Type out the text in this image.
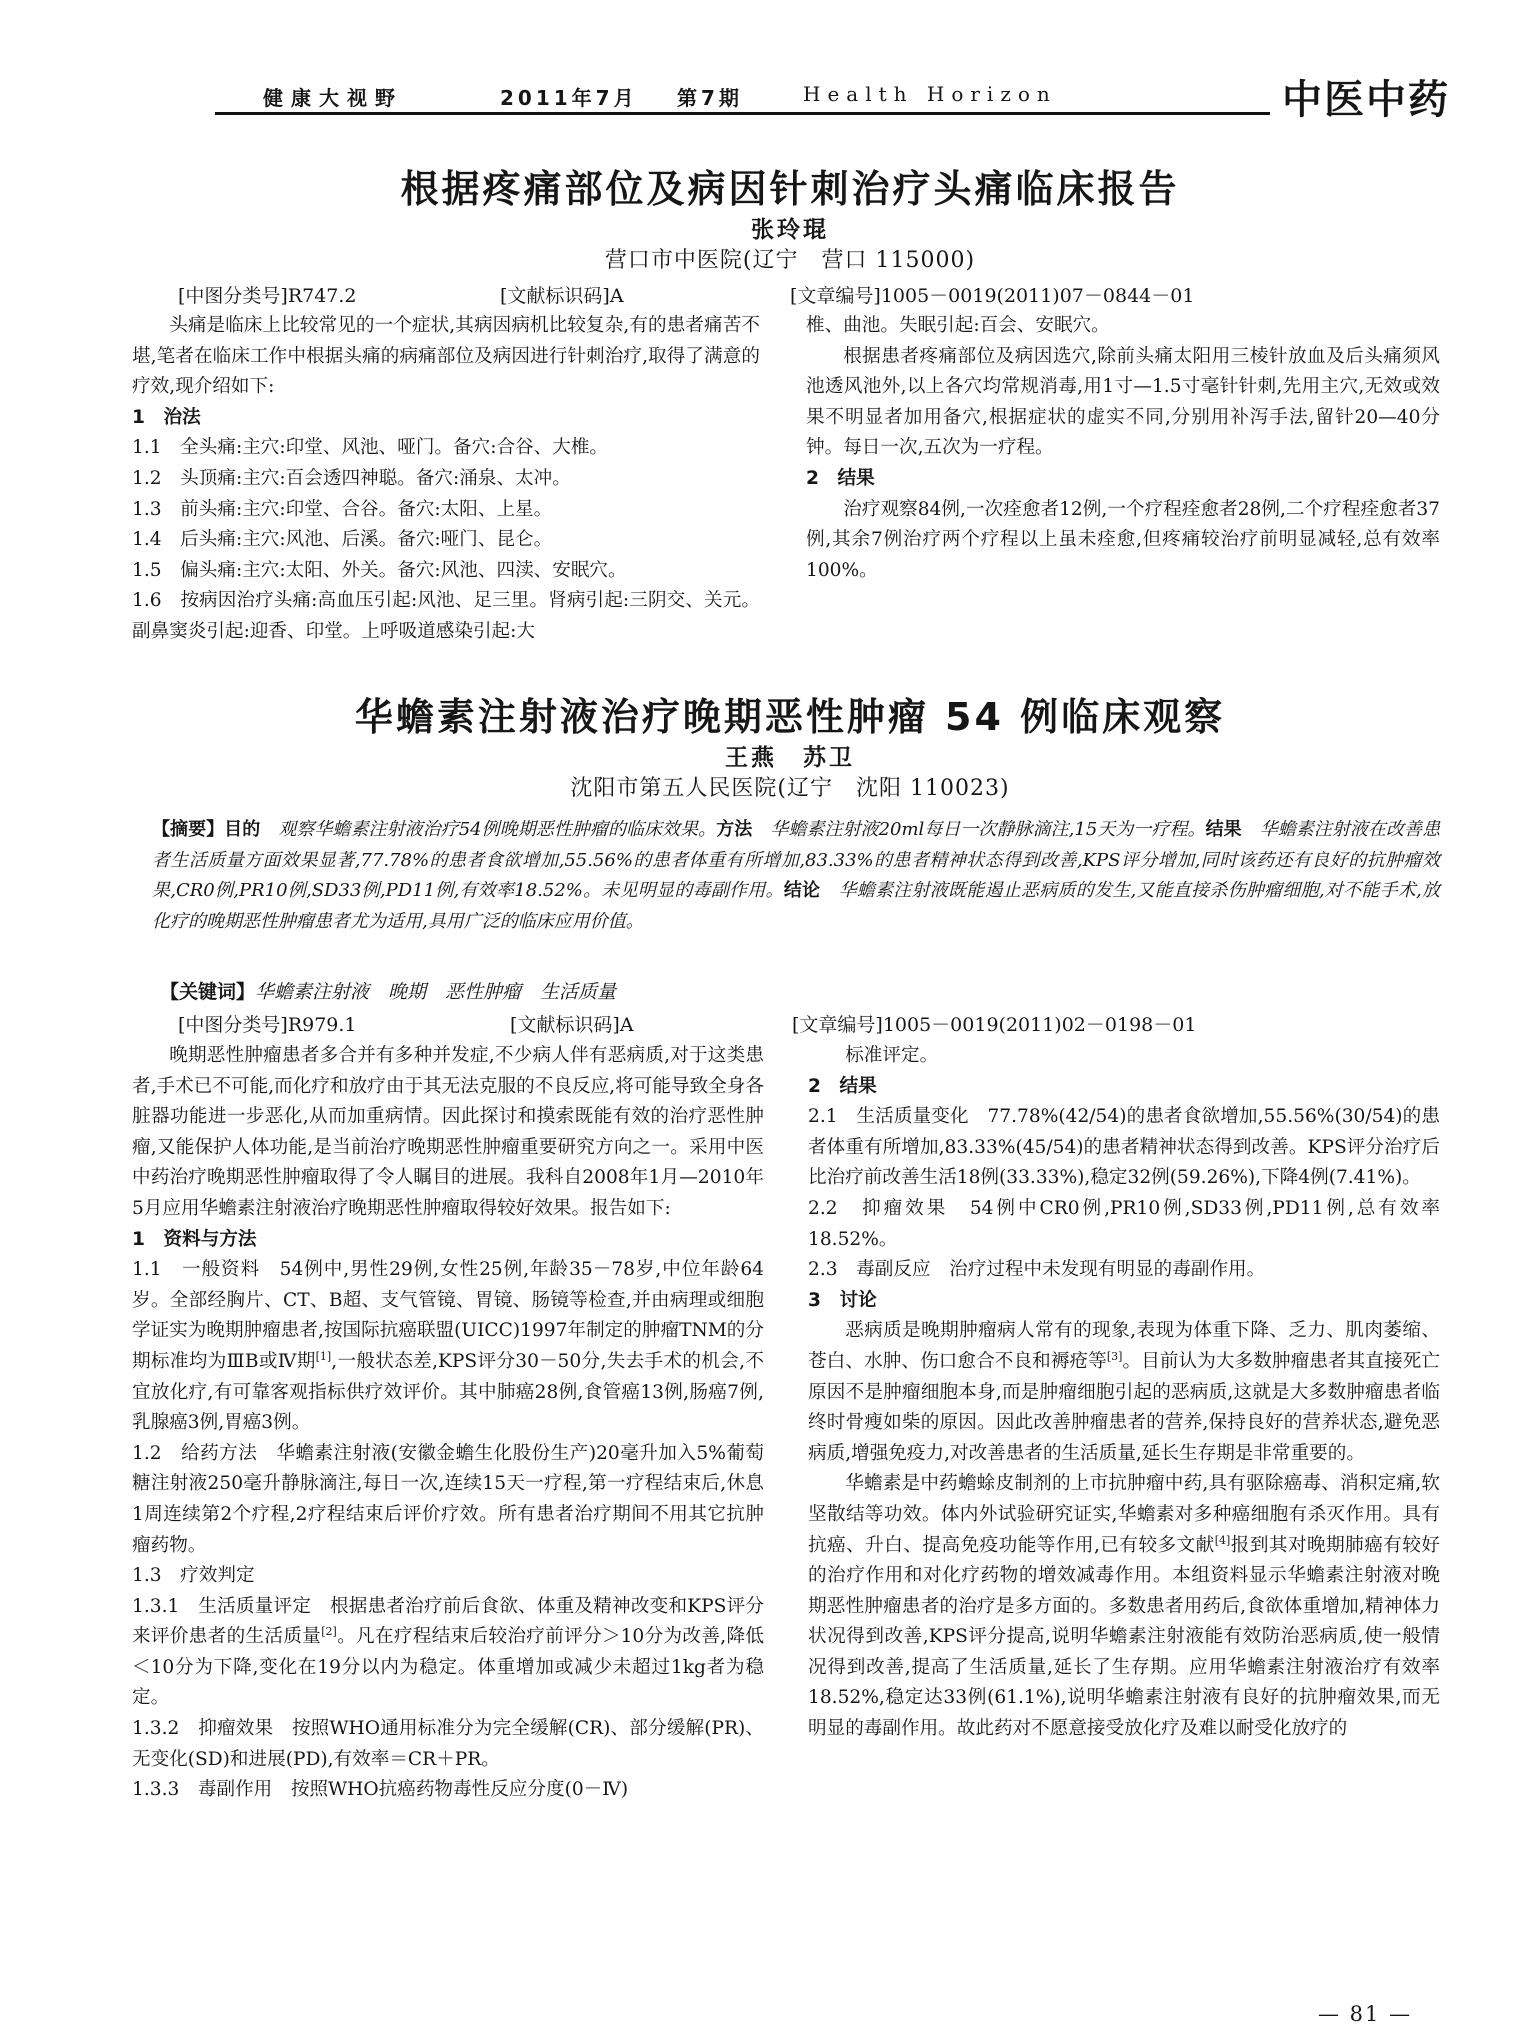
健康大视野	2011年7月 第7期	Health Horizon	中医中药
根据疼痛部位及病因针刺治疗头痛临床报告
张玲琨
营口市中医院(辽宁　营口 115000)
[中图分类号]R747.2	[文献标识码]A	[文章编号]1005－0019(2011)07－0844－01

头痛是临床上比较常见的一个症状,其病因病机比较复杂,有的患者痛苦不堪,笔者在临床工作中根据头痛的病痛部位及病因进行针刺治疗,取得了满意的疗效,现介绍如下:

1　治法

1.1　全头痛:主穴:印堂、风池、哑门。备穴:合谷、大椎。

1.2　头顶痛:主穴:百会透四神聪。备穴:涌泉、太冲。

1.3　前头痛:主穴:印堂、合谷。备穴:太阳、上星。

1.4　后头痛:主穴:风池、后溪。备穴:哑门、昆仑。

1.5　偏头痛:主穴:太阳、外关。备穴:风池、四渎、安眠穴。

1.6　按病因治疗头痛:高血压引起:风池、足三里。肾病引起:三阴交、关元。副鼻窦炎引起:迎香、印堂。上呼吸道感染引起:大

椎、曲池。失眠引起:百会、安眠穴。

根据患者疼痛部位及病因选穴,除前头痛太阳用三棱针放血及后头痛须风池透风池外,以上各穴均常规消毒,用1寸—1.5寸毫针针刺,先用主穴,无效或效果不明显者加用备穴,根据症状的虚实不同,分别用补泻手法,留针20—40分钟。每日一次,五次为一疗程。

2　结果

治疗观察84例,一次痊愈者12例,一个疗程痊愈者28例,二个疗程痊愈者37例,其余7例治疗两个疗程以上虽未痊愈,但疼痛较治疗前明显减轻,总有效率100%。

华蟾素注射液治疗晚期恶性肿瘤 54 例临床观察
王燕　苏卫
沈阳市第五人民医院(辽宁　沈阳 110023)
【摘要】目的　 观察华蟾素注射液治疗54例晚期恶性肿瘤的临床效果。方法　 华蟾素注射液20ml每日一次静脉滴注,15天为一疗程。结果　 华蟾素注射液在改善患者生活质量方面效果显著,77.78%的患者食欲增加,55.56%的患者体重有所增加,83.33%的患者精神状态得到改善,KPS评分增加,同时该药还有良好的抗肿瘤效果,CR0例,PR10例,SD33例,PD11例,有效率18.52%。未见明显的毒副作用。结论　 华蟾素注射液既能遏止恶病质的发生,又能直接杀伤肿瘤细胞,对不能手术,放化疗的晚期恶性肿瘤患者尤为适用,具用广泛的临床应用价值。
【关键词】华蟾素注射液　晚期　恶性肿瘤　生活质量
[中图分类号]R979.1	[文献标识码]A	[文章编号]1005－0019(2011)02－0198－01

晚期恶性肿瘤患者多合并有多种并发症,不少病人伴有恶病质,对于这类患者,手术已不可能,而化疗和放疗由于其无法克服的不良反应,将可能导致全身各脏器功能进一步恶化,从而加重病情。因此探讨和摸索既能有效的治疗恶性肿瘤,又能保护人体功能,是当前治疗晚期恶性肿瘤重要研究方向之一。采用中医中药治疗晚期恶性肿瘤取得了令人瞩目的进展。我科自2008年1月—2010年5月应用华蟾素注射液治疗晚期恶性肿瘤取得较好效果。报告如下:

1　资料与方法

1.1　一般资料　54例中,男性29例,女性25例,年龄35－78岁,中位年龄64岁。全部经胸片、CT、B超、支气管镜、胃镜、肠镜等检查,并由病理或细胞学证实为晚期肿瘤患者,按国际抗癌联盟(UICC)1997年制定的肿瘤TNM的分期标准均为ⅢB或Ⅳ期[1],一般状态差,KPS评分30－50分,失去手术的机会,不宜放化疗,有可靠客观指标供疗效评价。其中肺癌28例,食管癌13例,肠癌7例,乳腺癌3例,胃癌3例。

1.2　给药方法　华蟾素注射液(安徽金蟾生化股份生产)20毫升加入5%葡萄糖注射液250毫升静脉滴注,每日一次,连续15天一疗程,第一疗程结束后,休息1周连续第2个疗程,2疗程结束后评价疗效。所有患者治疗期间不用其它抗肿瘤药物。

1.3　疗效判定

1.3.1　生活质量评定　根据患者治疗前后食欲、体重及精神改变和KPS评分来评价患者的生活质量[2]。凡在疗程结束后较治疗前评分＞10分为改善,降低＜10分为下降,变化在19分以内为稳定。体重增加或减少未超过1kg者为稳定。

1.3.2　抑瘤效果　按照WHO通用标准分为完全缓解(CR)、部分缓解(PR)、无变化(SD)和进展(PD),有效率＝CR＋PR。

1.3.3　毒副作用　按照WHO抗癌药物毒性反应分度(0－Ⅳ)

标准评定。

2　结果

2.1　生活质量变化　77.78%(42/54)的患者食欲增加,55.56%(30/54)的患者体重有所增加,83.33%(45/54)的患者精神状态得到改善。KPS评分治疗后比治疗前改善生活18例(33.33%),稳定32例(59.26%),下降4例(7.41%)。

2.2　抑瘤效果　54例中CR0例,PR10例,SD33例,PD11例,总有效率18.52%。

2.3　毒副反应　治疗过程中未发现有明显的毒副作用。

3　讨论

恶病质是晚期肿瘤病人常有的现象,表现为体重下降、乏力、肌肉萎缩、苍白、水肿、伤口愈合不良和褥疮等[3]。目前认为大多数肿瘤患者其直接死亡原因不是肿瘤细胞本身,而是肿瘤细胞引起的恶病质,这就是大多数肿瘤患者临终时骨瘦如柴的原因。因此改善肿瘤患者的营养,保持良好的营养状态,避免恶病质,增强免疫力,对改善患者的生活质量,延长生存期是非常重要的。

华蟾素是中药蟾蜍皮制剂的上市抗肿瘤中药,具有驱除癌毒、消积定痛,软坚散结等功效。体内外试验研究证实,华蟾素对多种癌细胞有杀灭作用。具有抗癌、升白、提高免疫功能等作用,已有较多文献[4]报到其对晚期肺癌有较好的治疗作用和对化疗药物的增效减毒作用。本组资料显示华蟾素注射液对晚期恶性肿瘤患者的治疗是多方面的。多数患者用药后,食欲体重增加,精神体力状况得到改善,KPS评分提高,说明华蟾素注射液能有效防治恶病质,使一般情况得到改善,提高了生活质量,延长了生存期。应用华蟾素注射液治疗有效率18.52%,稳定达33例(61.1%),说明华蟾素注射液有良好的抗肿瘤效果,而无明显的毒副作用。故此药对不愿意接受放化疗及难以耐受化放疗的

— 81 —
